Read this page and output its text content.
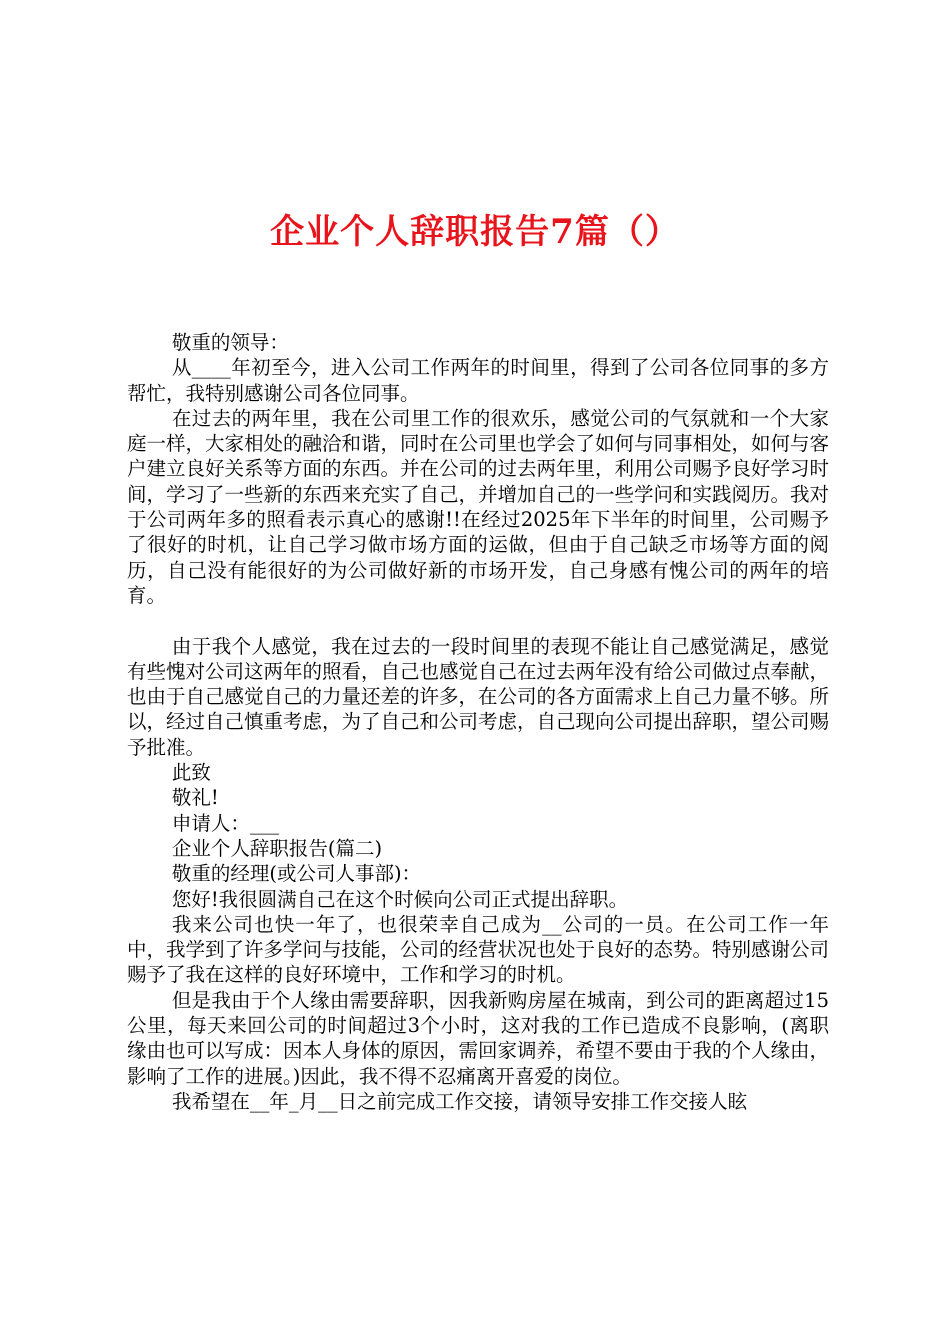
企业个人辞职报告7篇（）

敬重的领导：

从____年初至今，进入公司工作两年的时间里，得到了公司各位同事的多方帮忙，我特别感谢公司各位同事。

在过去的两年里，我在公司里工作的很欢乐，感觉公司的气氛就和一个大家庭一样，大家相处的融洽和谐，同时在公司里也学会了如何与同事相处，如何与客户建立良好关系等方面的东西。并在公司的过去两年里，利用公司赐予良好学习时间，学习了一些新的东西来充实了自己，并增加自己的一些学问和实践阅历。我对于公司两年多的照看表示真心的感谢!!在经过2025年下半年的时间里，公司赐予了很好的时机，让自己学习做市场方面的运做，但由于自己缺乏市场等方面的阅历，自己没有能很好的为公司做好新的市场开发，自己身感有愧公司的两年的培育。

由于我个人感觉，我在过去的一段时间里的表现不能让自己感觉满足，感觉有些愧对公司这两年的照看，自己也感觉自己在过去两年没有给公司做过点奉献，也由于自己感觉自己的力量还差的许多，在公司的各方面需求上自己力量不够。所以，经过自己慎重考虑，为了自己和公司考虑，自己现向公司提出辞职，望公司赐予批准。

此致

敬礼!

申请人：___

企业个人辞职报告(篇二)

敬重的经理(或公司人事部)：

您好!我很圆满自己在这个时候向公司正式提出辞职。

我来公司也快一年了，也很荣幸自己成为__公司的一员。在公司工作一年中，我学到了许多学问与技能，公司的经营状况也处于良好的态势。特别感谢公司赐予了我在这样的良好环境中，工作和学习的时机。

但是我由于个人缘由需要辞职，因我新购房屋在城南，到公司的距离超过15公里，每天来回公司的时间超过3个小时，这对我的工作已造成不良影响，(离职缘由也可以写成：因本人身体的原因，需回家调养，希望不要由于我的个人缘由，影响了工作的进展。)因此，我不得不忍痛离开喜爱的岗位。

我希望在__年_月__日之前完成工作交接，请领导安排工作交接人眩
